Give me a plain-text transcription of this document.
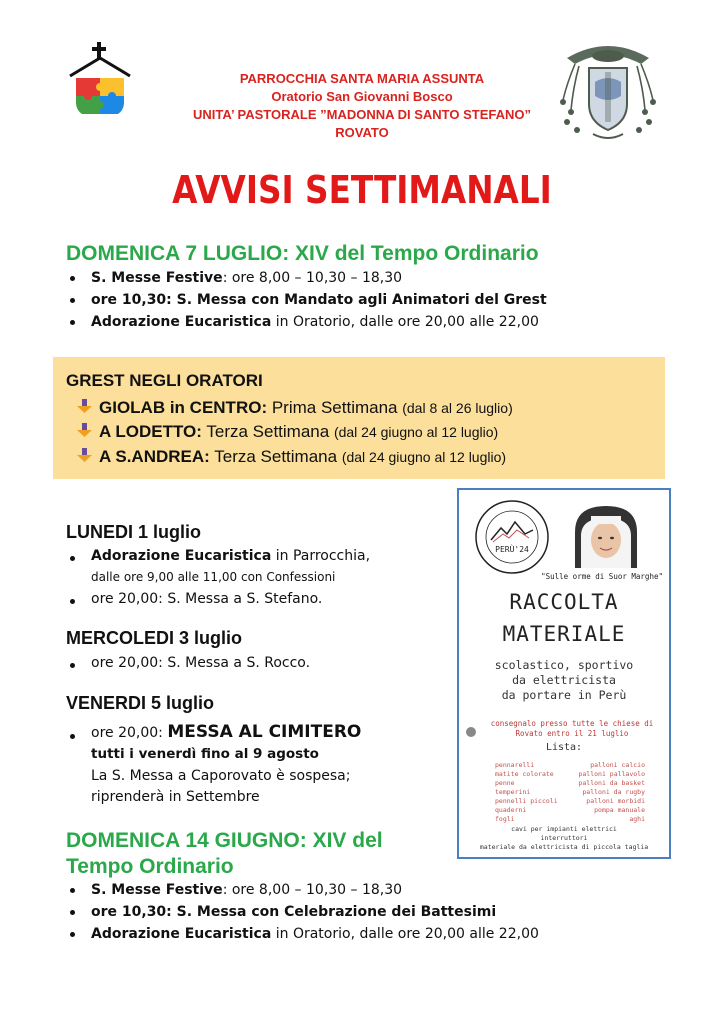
PARROCCHIA SANTA MARIA ASSUNTA
Oratorio San Giovanni Bosco
UNITA’ PASTORALE ”MADONNA DI SANTO STEFANO”
ROVATO
AVVISI SETTIMANALI
DOMENICA 7 LUGLIO: XIV del Tempo Ordinario
S. Messe Festive: ore 8,00 – 10,30 – 18,30
ore 10,30: S. Messa con Mandato agli Animatori del Grest
Adorazione Eucaristica in Oratorio, dalle ore 20,00 alle 22,00
GREST NEGLI ORATORI
GIOLAB in CENTRO: Prima Settimana (dal 8 al 26 luglio)
A LODETTO: Terza Settimana (dal 24 giugno al 12 luglio)
A S.ANDREA: Terza Settimana (dal 24 giugno al 12 luglio)
LUNEDI 1 luglio
Adorazione Eucaristica in Parrocchia,
dalle ore 9,00 alle 11,00 con Confessioni
ore 20,00: S. Messa a S. Stefano.
MERCOLEDI 3 luglio
ore 20,00: S. Messa a S. Rocco.
VENERDI 5 luglio
ore 20,00: MESSA AL CIMITERO
tutti i venerdì fino al 9 agosto
La S. Messa a Caporovato è sospesa;
riprenderà in Settembre
DOMENICA 14 GIUGNO: XIV del
Tempo Ordinario
S. Messe Festive: ore 8,00 – 10,30 – 18,30
ore 10,30: S. Messa con Celebrazione dei Battesimi
Adorazione Eucaristica in Oratorio, dalle ore 20,00 alle 22,00
PERÙ'24
"Sulle orme di Suor Marghe"
RACCOLTA
MATERIALE
scolastico, sportivo
da elettricista
da portare in Perù
consegnalo presso tutte le chiese di
Rovato entro il 21 luglio
Lista:
pennarelli
matite colorate
penne
temperini
pennelli piccoli
quaderni
fogli
palloni calcio
palloni pallavolo
palloni da basket
palloni da rugby
palloni morbidi
pompa manuale
aghi
cavi per impianti elettrici
interruttori
materiale da elettricista di piccola taglia
